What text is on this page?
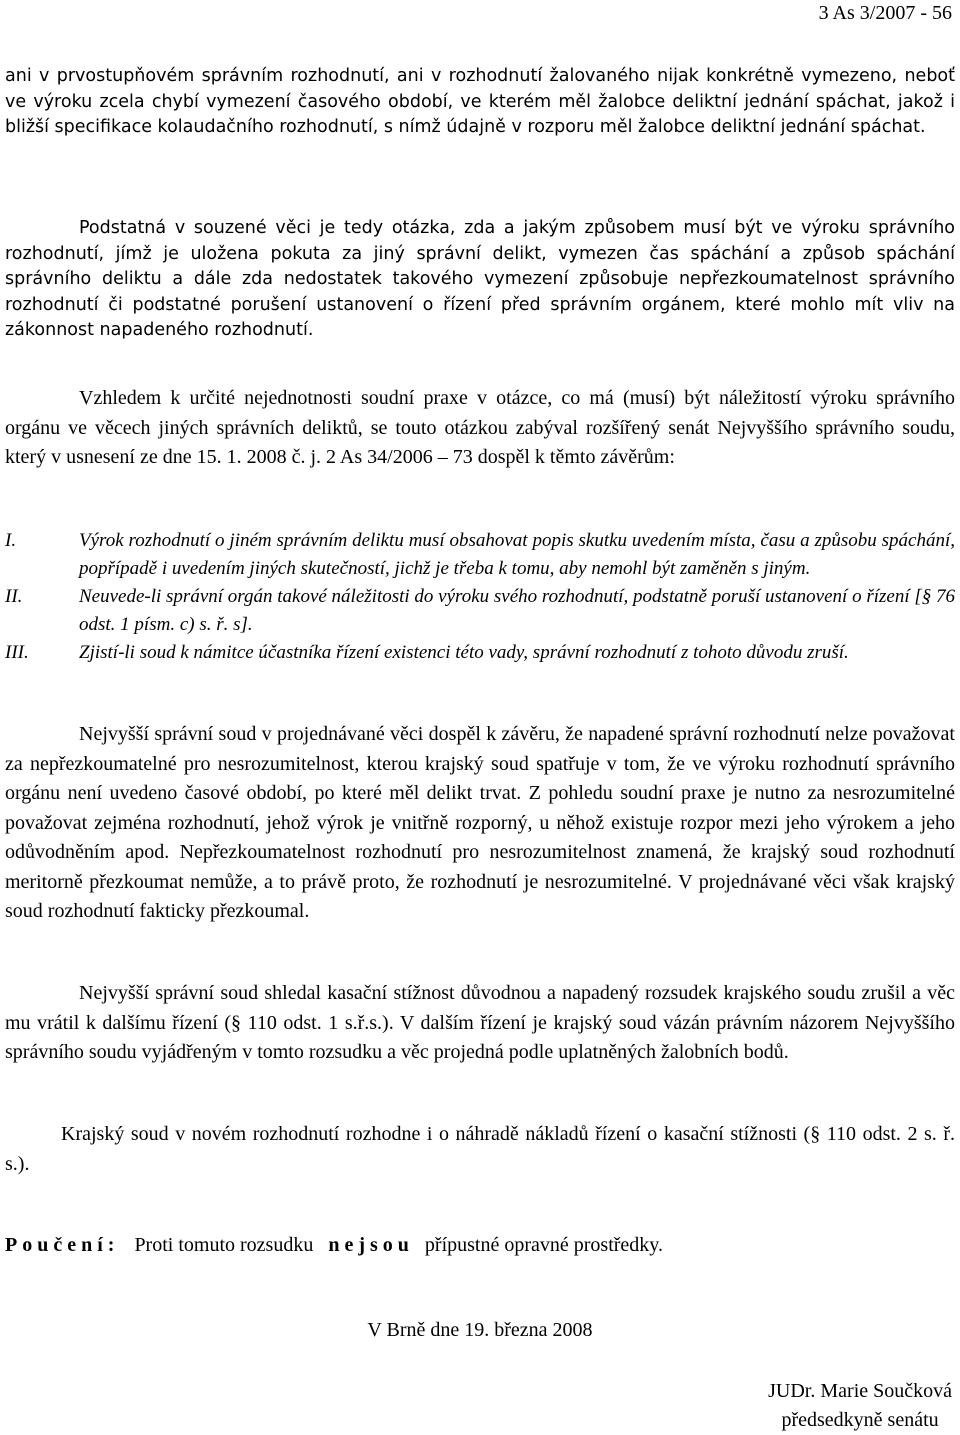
3 As 3/2007 - 56
ani v prvostupňovém správním rozhodnutí, ani v rozhodnutí žalovaného nijak konkrétně vymezeno, neboť ve výroku zcela chybí vymezení časového období, ve kterém měl žalobce deliktní jednání spáchat, jakož i bližší specifikace kolaudačního rozhodnutí, s nímž údajně v rozporu měl žalobce deliktní jednání spáchat.
Podstatná v souzené věci je tedy otázka, zda a jakým způsobem musí být ve výroku správního rozhodnutí, jímž je uložena pokuta za jiný správní delikt, vymezen čas spáchání a způsob spáchání správního deliktu a dále zda nedostatek takového vymezení způsobuje nepřezkoumatelnost správního rozhodnutí či podstatné porušení ustanovení o řízení před správním orgánem, které mohlo mít vliv na zákonnost napadeného rozhodnutí.
Vzhledem k určité nejednotnosti soudní praxe v otázce, co má (musí) být náležitostí výroku správního orgánu ve věcech jiných správních deliktů, se touto otázkou zabýval rozšířený senát Nejvyššího správního soudu, který v usnesení ze dne 15. 1. 2008 č. j. 2 As 34/2006 – 73 dospěl k těmto závěrům:
I.	Výrok rozhodnutí o jiném správním deliktu musí obsahovat popis skutku uvedením místa, času a způsobu spáchání, popřípadě i uvedením jiných skutečností, jichž je třeba k tomu, aby nemohl být zaměněn s jiným.
II.	Neuvede-li správní orgán takové náležitosti do výroku svého rozhodnutí, podstatně poruší ustanovení o řízení [§ 76 odst. 1 písm. c) s. ř. s].
III.	Zjistí-li soud k námitce účastníka řízení existenci této vady, správní rozhodnutí z tohoto důvodu zruší.
Nejvyšší správní soud v projednávané věci dospěl k závěru, že napadené správní rozhodnutí nelze považovat za nepřezkoumatelné pro nesrozumitelnost, kterou krajský soud spatřuje v tom, že ve výroku rozhodnutí správního orgánu není uvedeno časové období, po které měl delikt trvat. Z pohledu soudní praxe je nutno za nesrozumitelné považovat zejména rozhodnutí, jehož výrok je vnitřně rozporný, u něhož existuje rozpor mezi jeho výrokem a jeho odůvodněním apod. Nepřezkoumatelnost rozhodnutí pro nesrozumitelnost znamená, že krajský soud rozhodnutí meritorně přezkoumat nemůže, a to právě proto, že rozhodnutí je nesrozumitelné. V projednávané věci však krajský soud rozhodnutí fakticky přezkoumal.
Nejvyšší správní soud shledal kasační stížnost důvodnou a napadený rozsudek krajského soudu zrušil a věc mu vrátil k dalšímu řízení (§ 110 odst. 1 s.ř.s.). V dalším řízení je krajský soud vázán právním názorem Nejvyššího správního soudu vyjádřeným v tomto rozsudku a věc projedná podle uplatněných žalobních bodů.
Krajský soud v novém rozhodnutí rozhodne i o náhradě nákladů řízení o kasační stížnosti (§ 110 odst. 2 s. ř. s.).
Poučení: Proti tomuto rozsudku nejsou přípustné opravné prostředky.
V Brně dne 19. března 2008
JUDr. Marie Součková
předsedkyně senátu
